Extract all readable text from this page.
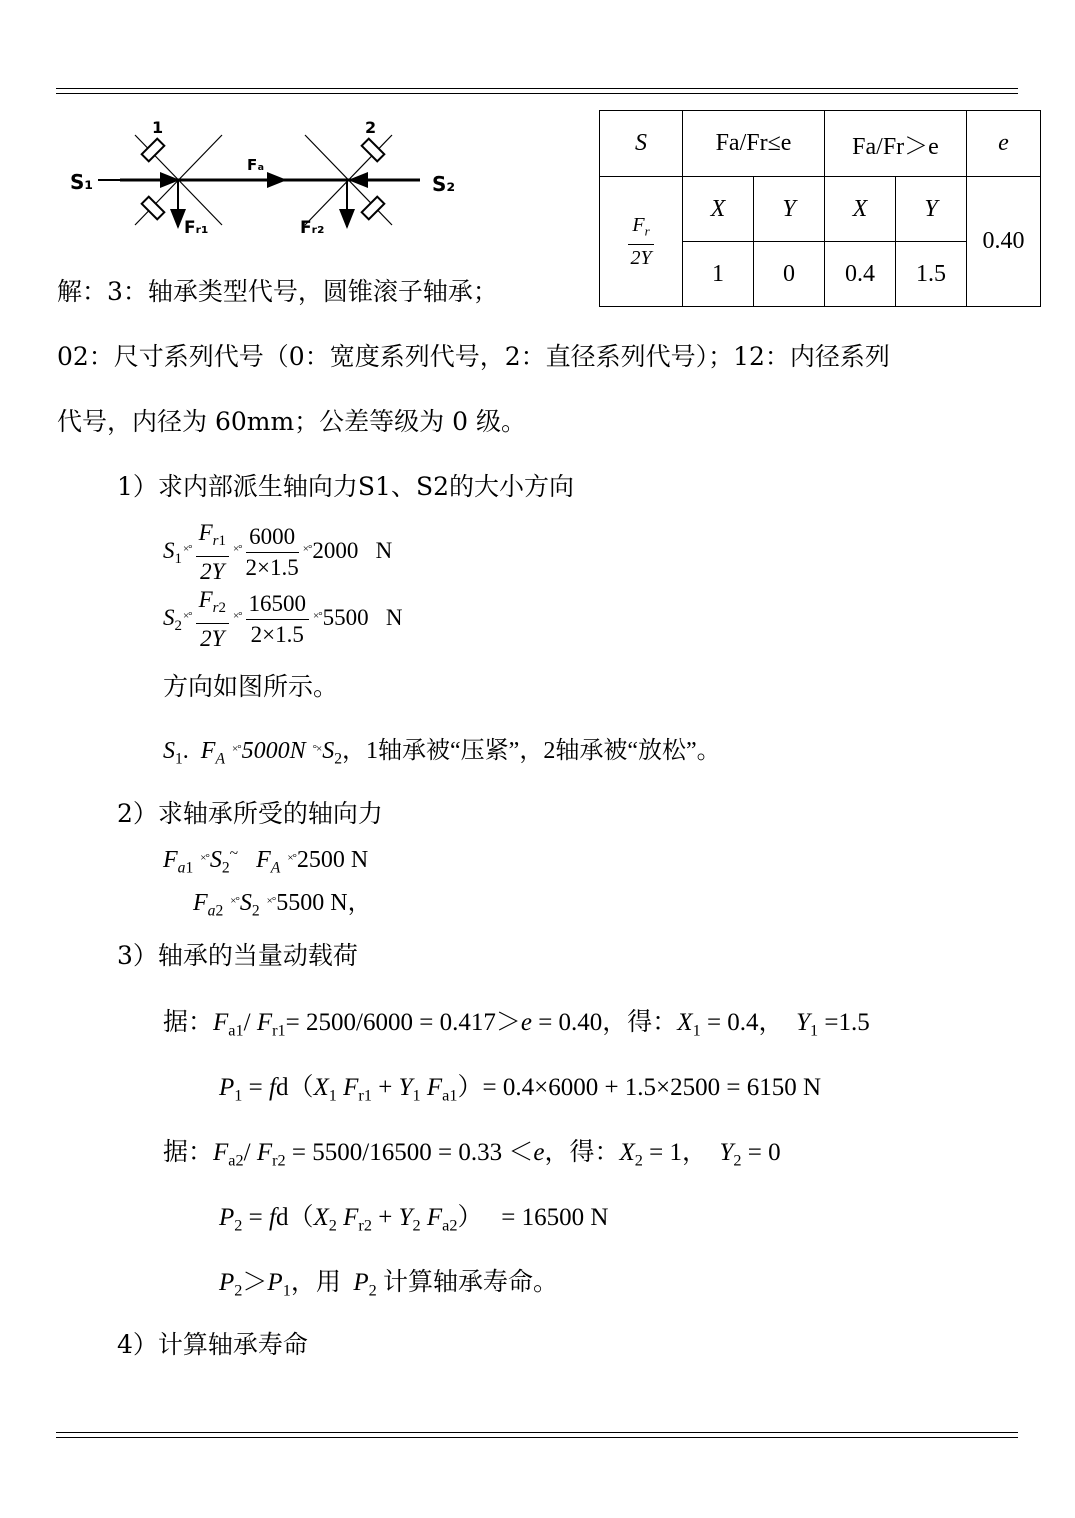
S₁	S₂
Fₐ
Fᵣ₁	Fᵣ₂
1	2
S	Fa/Fr≤e		Fa/Fr＞e		e

$\frac{F_r}{2Y}$	X	Y	X	Y	0.40
	1	0	0.4	1.5	
解：3：轴承类型代号，圆锥滚子轴承；
02：尺寸系列代号（0：宽度系列代号，2：直径系列代号）；12：内径系列
代号，内径为 60mm；公差等级为 0 级。
1）求内部派生轴向力S1、S2的大小方向
$S_1^{\times^\circ} \frac{F_{r1}}{2Y} ^{\times^\circ} \frac{6000}{2\times 1.5} ^{\times^\circ}2000$ N
$S_2^{\times^\circ} \frac{F_{r2}}{2Y} ^{\times^\circ} \frac{16500}{2\times 1.5} ^{\times^\circ}5500$ N
方向如图所示。
$S_1$.  $F_A$ ×°5000N $^{^\circ\times}S_2$，1轴承被“压紧”，2轴承被“放松”。
2）求轴承所受的轴向力
$F_{a1}$ $^{\times^\circ}S_2^\sim$ $F_A$ ×°2500 N
$F_{a2}$ $^{\times^\circ}S_2$ ×°5500 N，
3）轴承的当量动载荷
据：$F_{a1}/$ $F_{r1}= 2500/6000 = 0.417>e = 0.40$，得：$X_1 = 0.4$， $Y_1 =1.5$
$P_1 = fd(X_1$ $F_{r1} + Y_1$ $F_{a1})= 0.4\times 6000 + 1.5\times 2500 = 6150$ N
据：$F_{a2}/$ $F_{r2} = 5500/16500 = 0.33 <e$，得：$X_2 = 1$， $Y_2 = 0$
$P_2 = fd(X_2$ $F_{r2} + Y_2$ $F_{a2}) = 16500$ N
$P_2>P_1$，用  $P_2$ 计算轴承寿命。
4）计算轴承寿命
